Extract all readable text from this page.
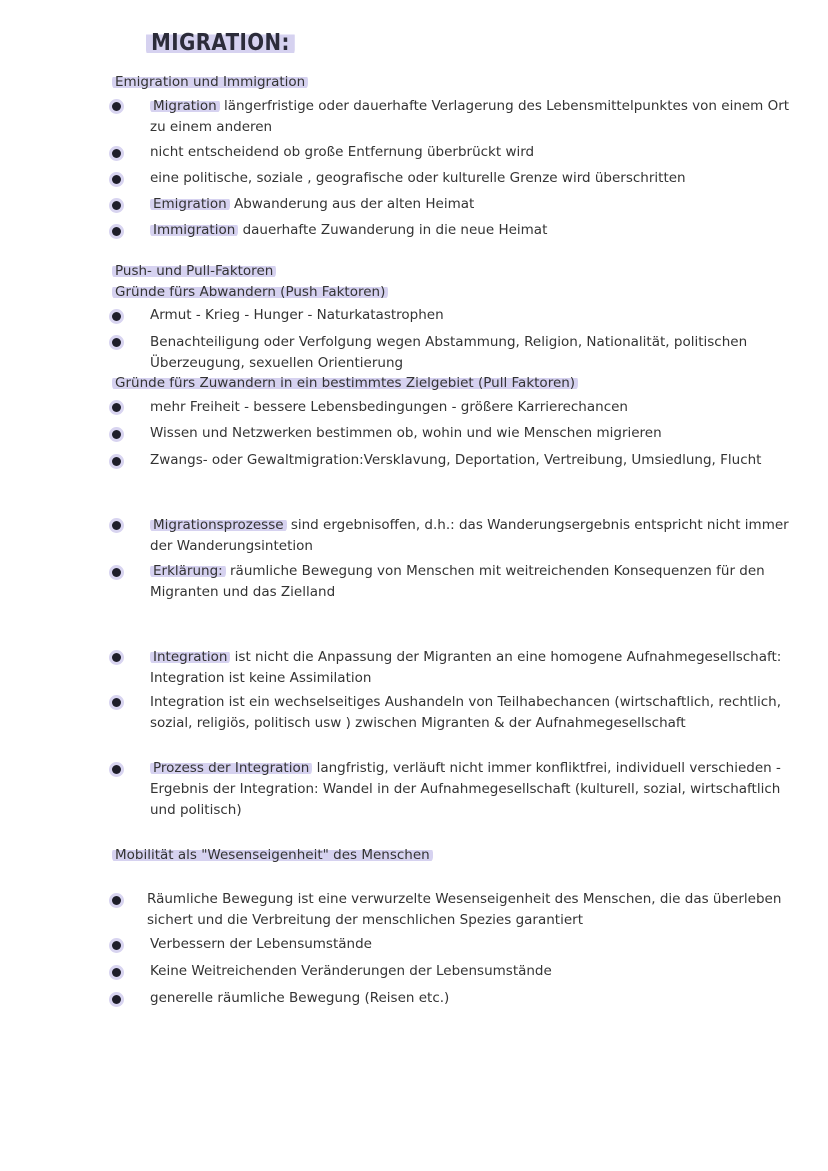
MIGRATION:
Emigration und Immigration
Migration längerfristige oder dauerhafte Verlagerung des Lebensmittelpunktes von einem Ort zu einem anderen
nicht entscheidend ob große Entfernung überbrückt wird
eine politische, soziale , geografische oder kulturelle Grenze wird überschritten
Emigration Abwanderung aus der alten Heimat
Immigration dauerhafte Zuwanderung in die neue Heimat
Push- und Pull-Faktoren
Gründe fürs Abwandern (Push Faktoren)
Armut - Krieg - Hunger - Naturkatastrophen
Benachteiligung oder Verfolgung wegen Abstammung, Religion, Nationalität, politischen Überzeugung, sexuellen Orientierung
Gründe fürs Zuwandern in ein bestimmtes Zielgebiet (Pull Faktoren)
mehr Freiheit - bessere Lebensbedingungen - größere Karrierechancen
Wissen und Netzwerken bestimmen ob, wohin und wie Menschen migrieren
Zwangs- oder Gewaltmigration:Versklavung, Deportation, Vertreibung, Umsiedlung, Flucht
Migrationsprozesse sind ergebnisoffen, d.h.: das Wanderungsergebnis entspricht nicht immer der Wanderungsintetion
Erklärung: räumliche Bewegung von Menschen mit weitreichenden Konsequenzen für den Migranten und das Zielland
Integration ist nicht die Anpassung der Migranten an eine homogene Aufnahmegesellschaft: Integration ist keine Assimilation
Integration ist ein wechselseitiges Aushandeln von Teilhabechancen (wirtschaftlich, rechtlich, sozial, religiös, politisch usw ) zwischen Migranten & der Aufnahmegesellschaft
Prozess der Integration langfristig, verläuft nicht immer konfliktfrei, individuell verschieden - Ergebnis der Integration: Wandel in der Aufnahmegesellschaft (kulturell, sozial, wirtschaftlich und politisch)
Mobilität als "Wesenseigenheit" des Menschen
Räumliche Bewegung ist eine verwurzelte Wesenseigenheit des Menschen, die das überleben sichert und die Verbreitung der menschlichen Spezies garantiert
Verbessern der Lebensumstände
Keine Weitreichenden Veränderungen der Lebensumstände
generelle räumliche Bewegung (Reisen etc.)
